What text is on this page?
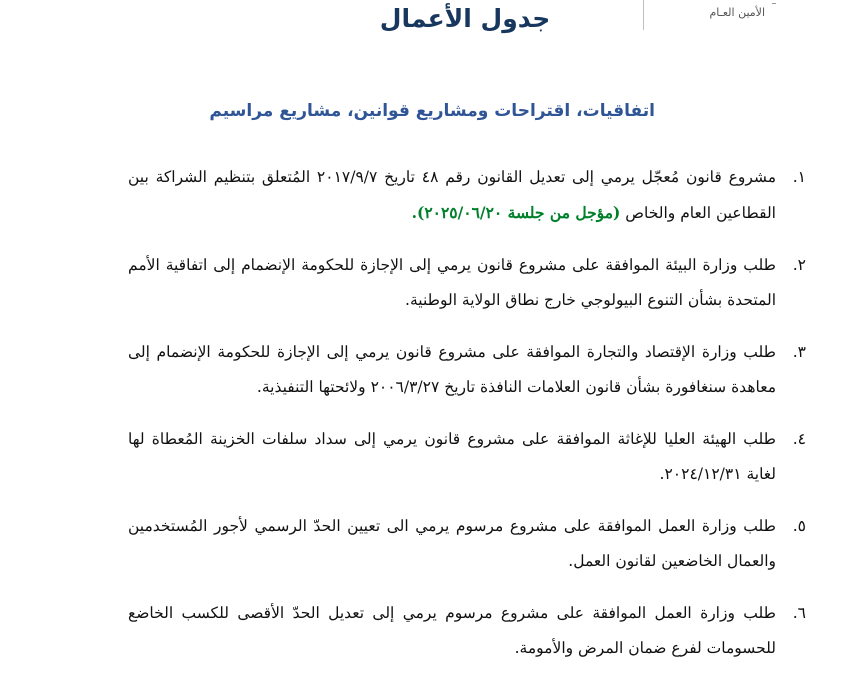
الأمين العـام
جدول الأعمال
اتفاقيات، اقتراحات ومشاريع قوانين، مشاريع مراسيم
١.
مشروع قانون مُعجّل يرمي إلى تعديل القانون رقم ٤٨ تاريخ ٢٠١٧/٩/٧ المُتعلق بتنظيم الشراكة بين القطاعين العام والخاص (مؤجل من جلسة ٢٠٢٥/٠٦/٢٠).
٢.
طلب وزارة البيئة الموافقة على مشروع قانون يرمي إلى الإجازة للحكومة الإنضمام إلى اتفاقية الأمم المتحدة بشأن التنوع البيولوجي خارج نطاق الولاية الوطنية.
٣.
طلب وزارة الإقتصاد والتجارة الموافقة على مشروع قانون يرمي إلى الإجازة للحكومة الإنضمام إلى معاهدة سنغافورة بشأن قانون العلامات النافذة تاريخ ٢٠٠٦/٣/٢٧ ولائحتها التنفيذية.
٤.
طلب الهيئة العليا للإغاثة الموافقة على مشروع قانون يرمي إلى سداد سلفات الخزينة المُعطاة لها لغاية ٢٠٢٤/١٢/٣١.
٥.
طلب وزارة العمل الموافقة على مشروع مرسوم يرمي الى تعيين الحدّ الرسمي لأجور المُستخدمين والعمال الخاضعين لقانون العمل.
٦.
طلب وزارة العمل الموافقة على مشروع مرسوم يرمي إلى تعديل الحدّ الأقصى للكسب الخاضع للحسومات لفرع ضمان المرض والأمومة.
